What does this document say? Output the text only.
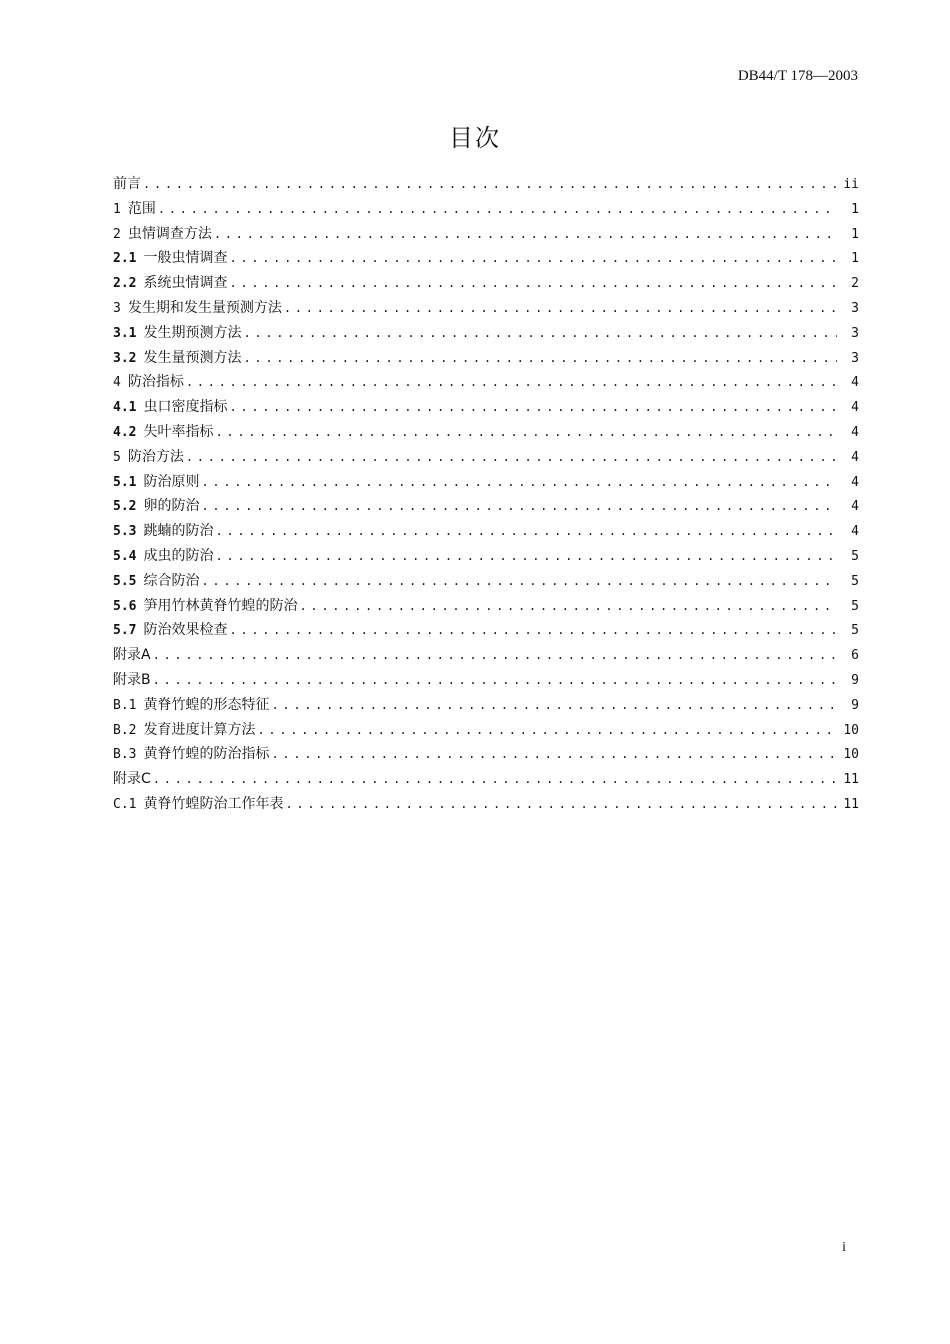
DB44/T 178—2003
目次
前言 .....	ii
1 范围 .....	1
2 虫情调查方法 .....	1
2.1 一般虫情调查 .....	1
2.2 系统虫情调查 .....	2
3 发生期和发生量预测方法 .....	3
3.1 发生期预测方法 .....	3
3.2 发生量预测方法 .....	3
4 防治指标 .....	4
4.1 虫口密度指标 .....	4
4.2 失叶率指标 .....	4
5 防治方法 .....	4
5.1 防治原则 .....	4
5.2 卵的防治 .....	4
5.3 跳蝻的防治 .....	4
5.4 成虫的防治 .....	5
5.5 综合防治 .....	5
5.6 笋用竹林黄脊竹蝗的防治 .....	5
5.7 防治效果检查 .....	5
附录A .....	6
附录B .....	9
B.1 黄脊竹蝗的形态特征 .....	9
B.2 发育进度计算方法 .....	10
B.3 黄脊竹蝗的防治指标 .....	10
附录C .....	11
C.1 黄脊竹蝗防治工作年表 .....	11
i
